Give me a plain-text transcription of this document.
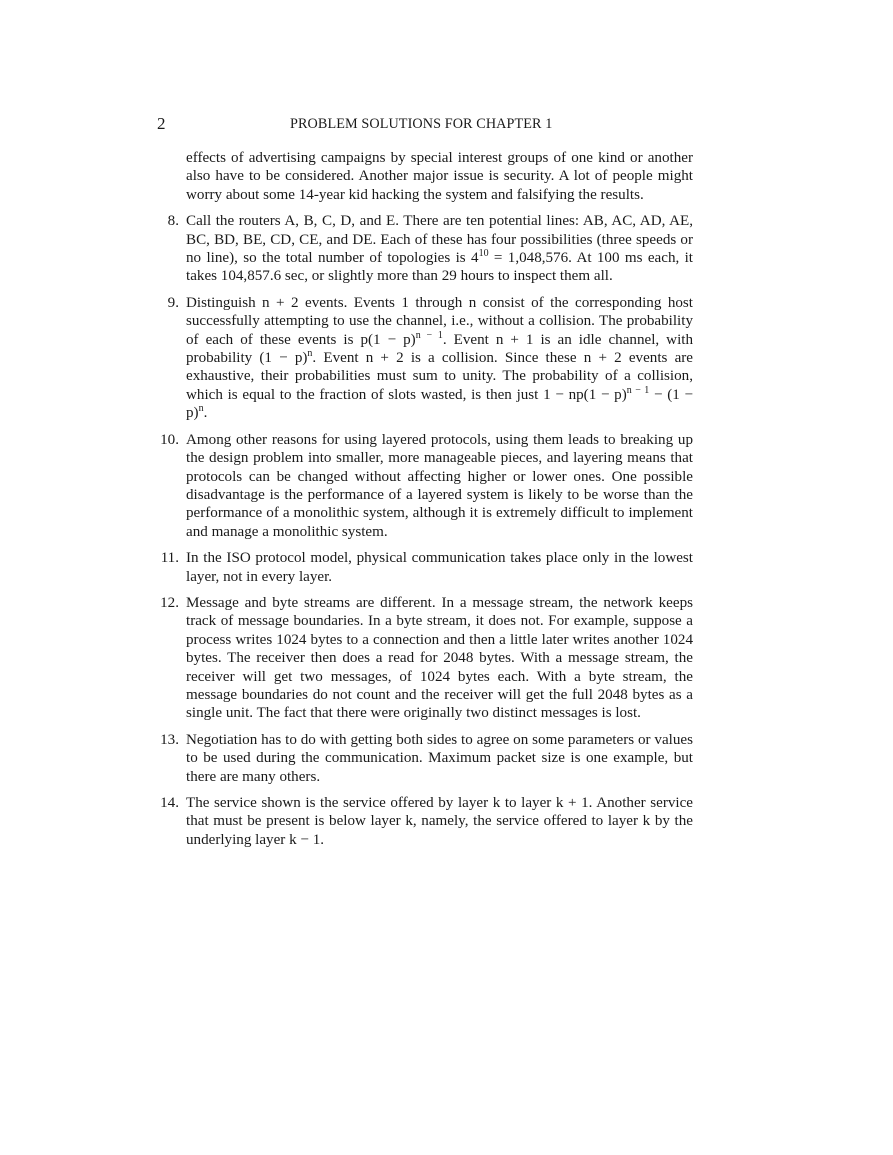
2	PROBLEM SOLUTIONS FOR CHAPTER 1

effects of advertising campaigns by special interest groups of one kind or another also have to be considered. Another major issue is security. A lot of people might worry about some 14-year kid hacking the system and falsifying the results.

8. Call the routers A, B, C, D, and E. There are ten potential lines: AB, AC, AD, AE, BC, BD, BE, CD, CE, and DE. Each of these has four possibilities (three speeds or no line), so the total number of topologies is $4^{10} = 1,048,576$. At 100 ms each, it takes 104,857.6 sec, or slightly more than 29 hours to inspect them all.
9. Distinguish n + 2 events. Events 1 through n consist of the corresponding host successfully attempting to use the channel, i.e., without a collision. The probability of each of these events is $p(1 - p)^{n - 1}$. Event n + 1 is an idle channel, with probability $(1 - p)^n$. Event n + 2 is a collision. Since these n + 2 events are exhaustive, their probabilities must sum to unity. The probability of a collision, which is equal to the fraction of slots wasted, is then just $1 - np(1 - p)^{n - 1} - (1 - p)^n$.
10. Among other reasons for using layered protocols, using them leads to breaking up the design problem into smaller, more manageable pieces, and layering means that protocols can be changed without affecting higher or lower ones. One possible disadvantage is the performance of a layered system is likely to be worse than the performance of a monolithic system, although it is extremely difficult to implement and manage a monolithic system.
11. In the ISO protocol model, physical communication takes place only in the lowest layer, not in every layer.
12. Message and byte streams are different. In a message stream, the network keeps track of message boundaries. In a byte stream, it does not. For example, suppose a process writes 1024 bytes to a connection and then a little later writes another 1024 bytes. The receiver then does a read for 2048 bytes. With a message stream, the receiver will get two messages, of 1024 bytes each. With a byte stream, the message boundaries do not count and the receiver will get the full 2048 bytes as a single unit. The fact that there were originally two distinct messages is lost.
13. Negotiation has to do with getting both sides to agree on some parameters or values to be used during the communication. Maximum packet size is one example, but there are many others.
14. The service shown is the service offered by layer k to layer k + 1. Another service that must be present is below layer k, namely, the service offered to layer k by the underlying layer k − 1.
